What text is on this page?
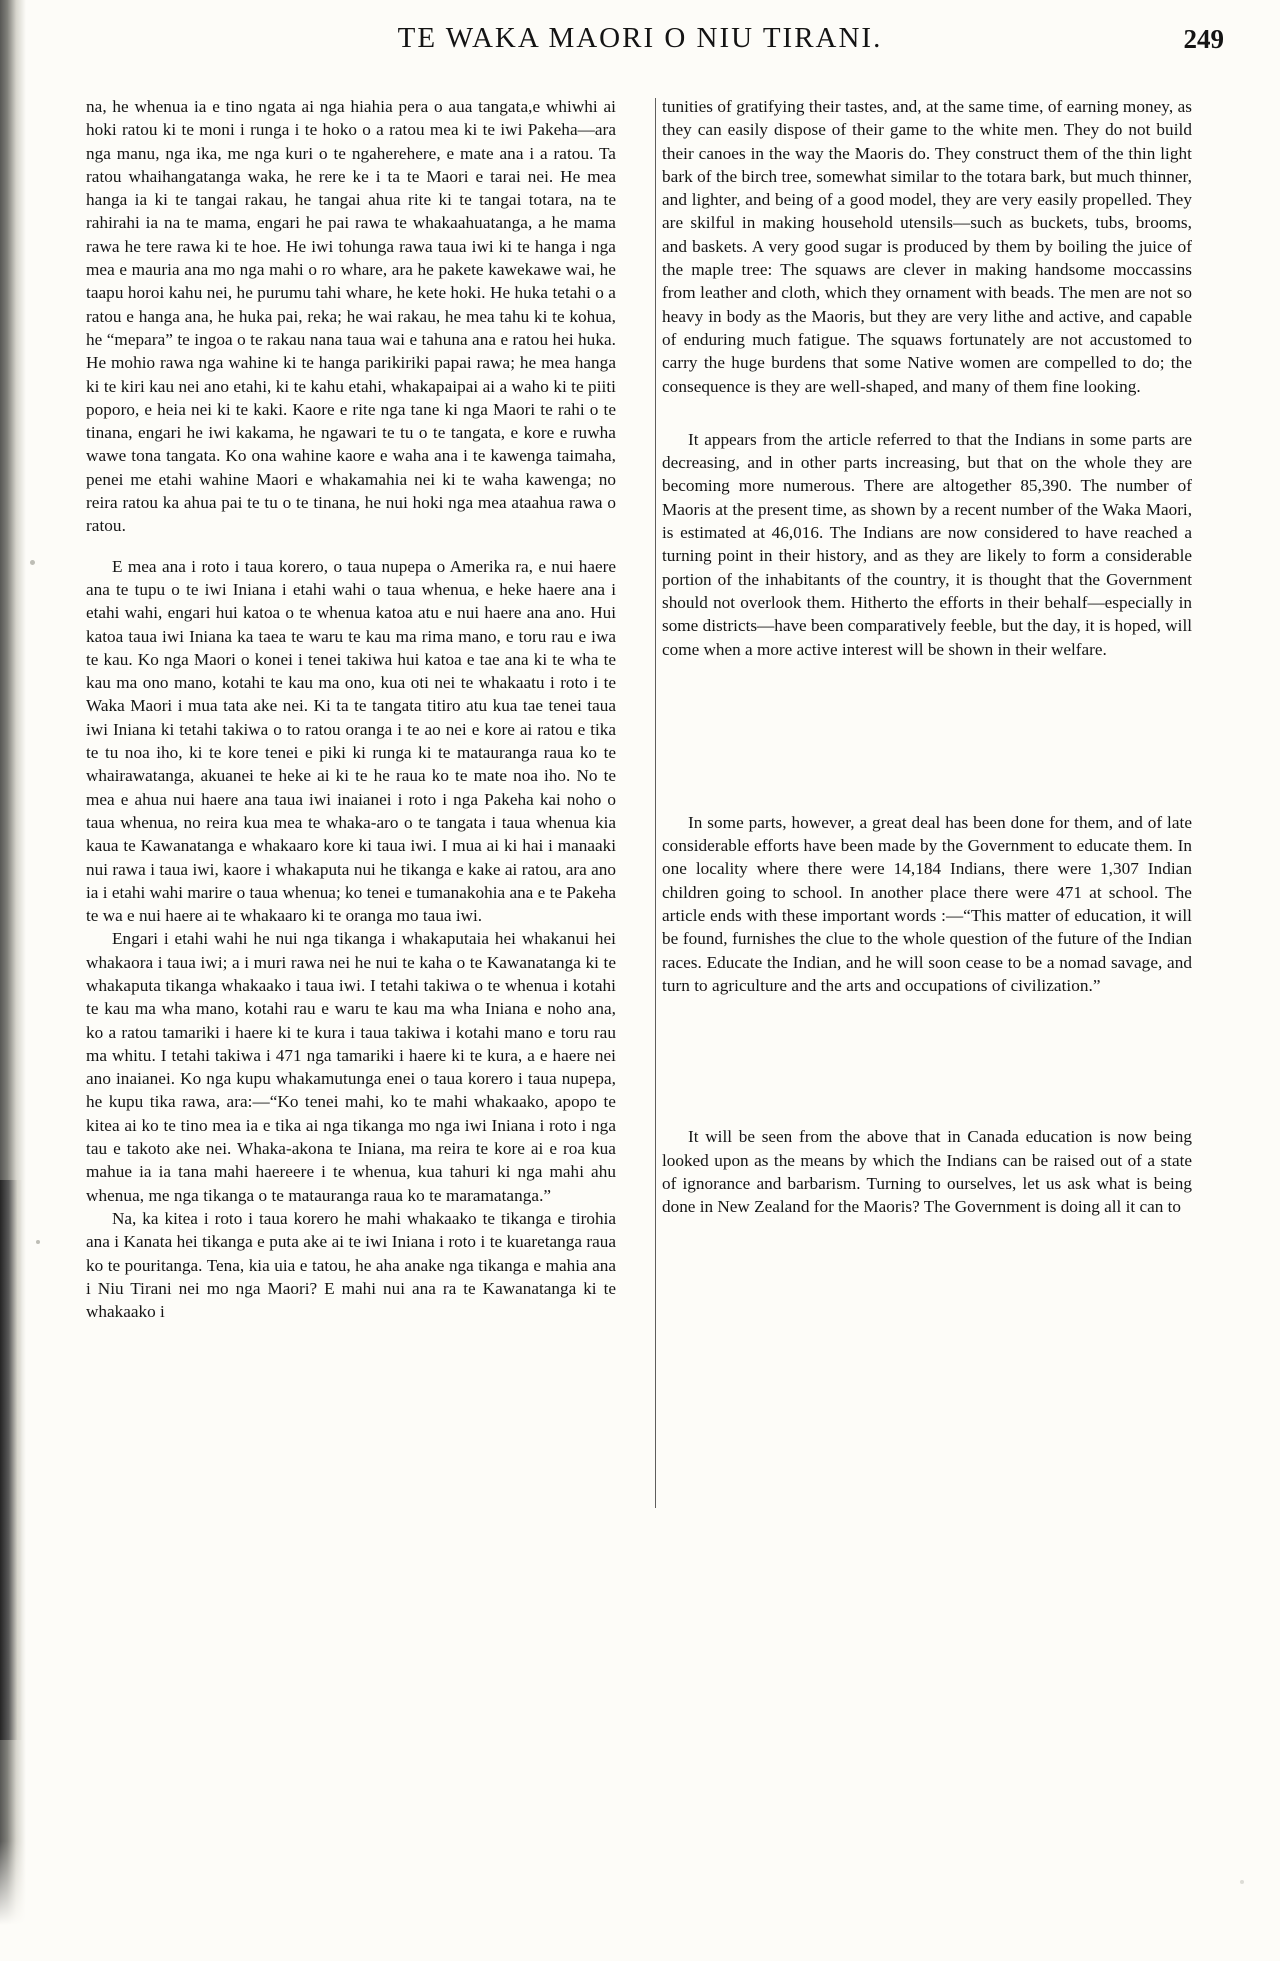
TE WAKA MAORI O NIU TIRANI.	249

na, he whenua ia e tino ngata ai nga hiahia pera o aua tangata,e whiwhi ai hoki ratou ki te moni i runga i te hoko o a ratou mea ki te iwi Pakeha—ara nga manu, nga ika, me nga kuri o te ngaherehere, e mate ana i a ratou. Ta ratou whaihangatanga waka, he rere ke i ta te Maori e tarai nei. He mea hanga ia ki te tangai rakau, he tangai ahua rite ki te tangai totara, na te rahirahi ia na te mama, engari he pai rawa te whakaahuatanga, a he mama rawa he tere rawa ki te hoe. He iwi tohunga rawa taua iwi ki te hanga i nga mea e mauria ana mo nga mahi o ro whare, ara he pakete kawekawe wai, he taapu horoi kahu nei, he purumu tahi whare, he kete hoki. He huka tetahi o a ratou e hanga ana, he huka pai, reka; he wai rakau, he mea tahu ki te kohua, he “mepara” te ingoa o te rakau nana taua wai e tahuna ana e ratou hei huka. He mohio rawa nga wahine ki te hanga parikiriki papai rawa; he mea hanga ki te kiri kau nei ano etahi, ki te kahu etahi, whakapaipai ai a waho ki te piiti poporo, e heia nei ki te kaki. Kaore e rite nga tane ki nga Maori te rahi o te tinana, engari he iwi kakama, he ngawari te tu o te tangata, e kore e ruwha wawe tona tangata. Ko ona wahine kaore e waha ana i te kawenga taimaha, penei me etahi wahine Maori e whakamahia nei ki te waha kawenga; no reira ratou ka ahua pai te tu o te tinana, he nui hoki nga mea ataahua rawa o ratou.

E mea ana i roto i taua korero, o taua nupepa o Amerika ra, e nui haere ana te tupu o te iwi Iniana i etahi wahi o taua whenua, e heke haere ana i etahi wahi, engari hui katoa o te whenua katoa atu e nui haere ana ano. Hui katoa taua iwi Iniana ka taea te waru te kau ma rima mano, e toru rau e iwa te kau. Ko nga Maori o konei i tenei takiwa hui katoa e tae ana ki te wha te kau ma ono mano, kotahi te kau ma ono, kua oti nei te whakaatu i roto i te Waka Maori i mua tata ake nei. Ki ta te tangata titiro atu kua tae tenei taua iwi Iniana ki tetahi takiwa o to ratou oranga i te ao nei e kore ai ratou e tika te tu noa iho, ki te kore tenei e piki ki runga ki te matauranga raua ko te whairawatanga, akuanei te heke ai ki te he raua ko te mate noa iho. No te mea e ahua nui haere ana taua iwi inaianei i roto i nga Pakeha kai noho o taua whenua, no reira kua mea te whaka-aro o te tangata i taua whenua kia kaua te Kawanatanga e whakaaro kore ki taua iwi. I mua ai ki hai i manaaki nui rawa i taua iwi, kaore i whakaputa nui he tikanga e kake ai ratou, ara ano ia i etahi wahi marire o taua whenua; ko tenei e tumanakohia ana e te Pakeha te wa e nui haere ai te whakaaro ki te oranga mo taua iwi.

Engari i etahi wahi he nui nga tikanga i whakaputaia hei whakanui hei whakaora i taua iwi; a i muri rawa nei he nui te kaha o te Kawanatanga ki te whakaputa tikanga whakaako i taua iwi. I tetahi takiwa o te whenua i kotahi te kau ma wha mano, kotahi rau e waru te kau ma wha Iniana e noho ana, ko a ratou tamariki i haere ki te kura i taua takiwa i kotahi mano e toru rau ma whitu. I tetahi takiwa i 471 nga tamariki i haere ki te kura, a e haere nei ano inaianei. Ko nga kupu whakamutunga enei o taua korero i taua nupepa, he kupu tika rawa, ara:—“Ko tenei mahi, ko te mahi whakaako, apopo te kitea ai ko te tino mea ia e tika ai nga tikanga mo nga iwi Iniana i roto i nga tau e takoto ake nei. Whaka-akona te Iniana, ma reira te kore ai e roa kua mahue ia ia tana mahi haereere i te whenua, kua tahuri ki nga mahi ahu whenua, me nga tikanga o te matauranga raua ko te maramatanga.”

Na, ka kitea i roto i taua korero he mahi whakaako te tikanga e tirohia ana i Kanata hei tikanga e puta ake ai te iwi Iniana i roto i te kuaretanga raua ko te pouritanga. Tena, kia uia e tatou, he aha anake nga tikanga e mahia ana i Niu Tirani nei mo nga Maori? E mahi nui ana ra te Kawanatanga ki te whakaako i

tunities of gratifying their tastes, and, at the same time, of earning money, as they can easily dispose of their game to the white men. They do not build their canoes in the way the Maoris do. They construct them of the thin light bark of the birch tree, somewhat similar to the totara bark, but much thinner, and lighter, and being of a good model, they are very easily propelled. They are skilful in making household utensils—such as buckets, tubs, brooms, and baskets. A very good sugar is produced by them by boiling the juice of the maple tree: The squaws are clever in making handsome moccassins from leather and cloth, which they ornament with beads. The men are not so heavy in body as the Maoris, but they are very lithe and active, and capable of enduring much fatigue. The squaws fortunately are not accustomed to carry the huge burdens that some Native women are compelled to do; the consequence is they are well-shaped, and many of them fine looking.

It appears from the article referred to that the Indians in some parts are decreasing, and in other parts increasing, but that on the whole they are becoming more numerous. There are altogether 85,390. The number of Maoris at the present time, as shown by a recent number of the Waka Maori, is estimated at 46,016. The Indians are now considered to have reached a turning point in their history, and as they are likely to form a considerable portion of the inhabitants of the country, it is thought that the Government should not overlook them. Hitherto the efforts in their behalf—especially in some districts—have been comparatively feeble, but the day, it is hoped, will come when a more active interest will be shown in their welfare.

In some parts, however, a great deal has been done for them, and of late considerable efforts have been made by the Government to educate them. In one locality where there were 14,184 Indians, there were 1,307 Indian children going to school. In another place there were 471 at school. The article ends with these important words :—“This matter of education, it will be found, furnishes the clue to the whole question of the future of the Indian races. Educate the Indian, and he will soon cease to be a nomad savage, and turn to agriculture and the arts and occupations of civilization.”

It will be seen from the above that in Canada education is now being looked upon as the means by which the Indians can be raised out of a state of ignorance and barbarism. Turning to ourselves, let us ask what is being done in New Zealand for the Maoris? The Government is doing all it can to
